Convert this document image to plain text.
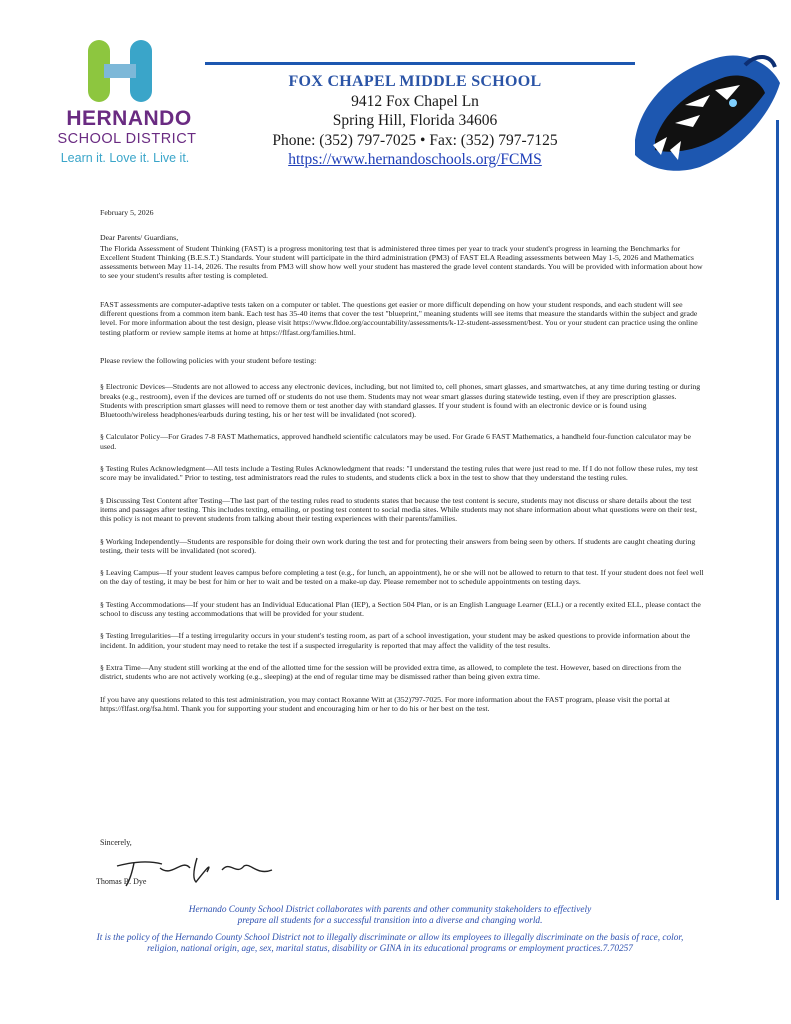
HERNANDO
SCHOOL DISTRICT
Learn it. Love it. Live it.
FOX CHAPEL MIDDLE SCHOOL
9412 Fox Chapel Ln
Spring Hill, Florida 34606
Phone: (352) 797-7025 • Fax: (352) 797-7125
https://www.hernandoschools.org/FCMS

February 5, 2026

Dear Parents/ Guardians,

The Florida Assessment of Student Thinking (FAST) is a progress monitoring test that is administered three times per year to track your student's progress in learning the Benchmarks for Excellent Student Thinking (B.E.S.T.) Standards. Your student will participate in the third administration (PM3) of FAST ELA Reading assessments between May 1-5, 2026 and Mathematics assessments between May 11-14, 2026. The results from PM3 will show how well your student has mastered the grade level content standards. You will be provided with information about how to see your student's results after testing is completed.

FAST assessments are computer-adaptive tests taken on a computer or tablet. The questions get easier or more difficult depending on how your student responds, and each student will see different questions from a common item bank. Each test has 35-40 items that cover the test "blueprint," meaning students will see items that measure the standards within the subject and grade level. For more information about the test design, please visit https://www.fldoe.org/accountability/assessments/k-12-student-assessment/best. You or your student can practice using the online testing platform or review sample items at home at https://flfast.org/families.html.

Please review the following policies with your student before testing:

§ Electronic Devices—Students are not allowed to access any electronic devices, including, but not limited to, cell phones, smart glasses, and smartwatches, at any time during testing or during breaks (e.g., restroom), even if the devices are turned off or students do not use them. Students may not wear smart glasses during statewide testing, even if they are prescription glasses. Students with prescription smart glasses will need to remove them or test another day with standard glasses. If your student is found with an electronic device or is found using Bluetooth/wireless headphones/earbuds during testing, his or her test will be invalidated (not scored).

§ Calculator Policy—For Grades 7-8 FAST Mathematics, approved handheld scientific calculators may be used. For Grade 6 FAST Mathematics, a handheld four-function calculator may be used.

§ Testing Rules Acknowledgment—All tests include a Testing Rules Acknowledgment that reads: "I understand the testing rules that were just read to me. If I do not follow these rules, my test score may be invalidated." Prior to testing, test administrators read the rules to students, and students click a box in the test to show that they understand the testing rules.

§ Discussing Test Content after Testing—The last part of the testing rules read to students states that because the test content is secure, students may not discuss or share details about the test items and passages after testing. This includes texting, emailing, or posting test content to social media sites. While students may not share information about what questions were on their test, this policy is not meant to prevent students from talking about their testing experiences with their parents/families.

§ Working Independently—Students are responsible for doing their own work during the test and for protecting their answers from being seen by others. If students are caught cheating during testing, their tests will be invalidated (not scored).

§ Leaving Campus—If your student leaves campus before completing a test (e.g., for lunch, an appointment), he or she will not be allowed to return to that test. If your student does not feel well on the day of testing, it may be best for him or her to wait and be tested on a make-up day. Please remember not to schedule appointments on testing days.

§ Testing Accommodations—If your student has an Individual Educational Plan (IEP), a Section 504 Plan, or is an English Language Learner (ELL) or a recently exited ELL, please contact the school to discuss any testing accommodations that will be provided for your student.

§ Testing Irregularities—If a testing irregularity occurs in your student's testing room, as part of a school investigation, your student may be asked questions to provide information about the incident. In addition, your student may need to retake the test if a suspected irregularity is reported that may affect the validity of the test results.

§ Extra Time—Any student still working at the end of the allotted time for the session will be provided extra time, as allowed, to complete the test. However, based on directions from the district, students who are not actively working (e.g., sleeping) at the end of regular time may be dismissed rather than being given extra time.

If you have any questions related to this test administration, you may contact Roxanne Witt at (352)797-7025. For more information about the FAST program, please visit the portal at https://flfast.org/fsa.html. Thank you for supporting your student and encouraging him or her to do his or her best on the test.

Sincerely,
Thomas B. Dye

Hernando County School District collaborates with parents and other community stakeholders to effectively prepare all students for a successful transition into a diverse and changing world.

It is the policy of the Hernando County School District not to illegally discriminate or allow its employees to illegally discriminate on the basis of race, color, religion, national origin, age, sex, marital status, disability or GINA in its educational programs or employment practices.7.70257
